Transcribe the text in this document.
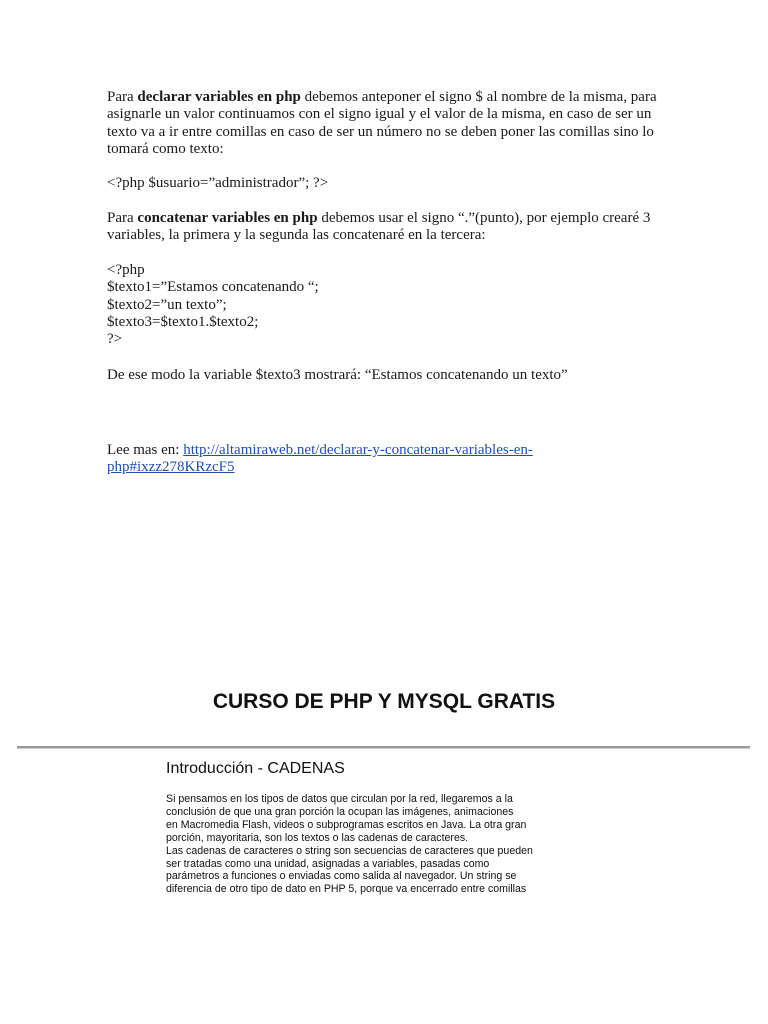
Para declarar variables en php debemos anteponer el signo $ al nombre de la misma, para asignarle un valor continuamos con el signo igual y el valor de la misma, en caso de ser un texto va a ir entre comillas en caso de ser un número no se deben poner las comillas sino lo tomará como texto:

<?php $usuario=”administrador”; ?>

Para concatenar variables en php debemos usar el signo “.”(punto), por ejemplo crearé 3 variables, la primera y la segunda las concatenaré en la tercera:

<?php

$texto1=”Estamos concatenando “;

$texto2=”un texto”;

$texto3=$texto1.$texto2;

?>

De ese modo la variable $texto3 mostrará: “Estamos concatenando un texto”

Lee mas en: http://altamiraweb.net/declarar-y-concatenar-variables-en-

php#ixzz278KRzcF5

CURSO DE PHP Y MYSQL GRATIS
Introducción - CADENAS
Si pensamos en los tipos de datos que circulan por la red, llegaremos a la
conclusión de que una gran porción la ocupan las imágenes, animaciones
en Macromedia Flash, videos o subprogramas escritos en Java. La otra gran
porción, mayoritaria, son los textos o las cadenas de caracteres.
Las cadenas de caracteres o string son secuencias de caracteres que pueden
ser tratadas como una unidad, asignadas a variables, pasadas como
parámetros a funciones o enviadas como salida al navegador. Un string se
diferencia de otro tipo de dato en PHP 5, porque va encerrado entre comillas
